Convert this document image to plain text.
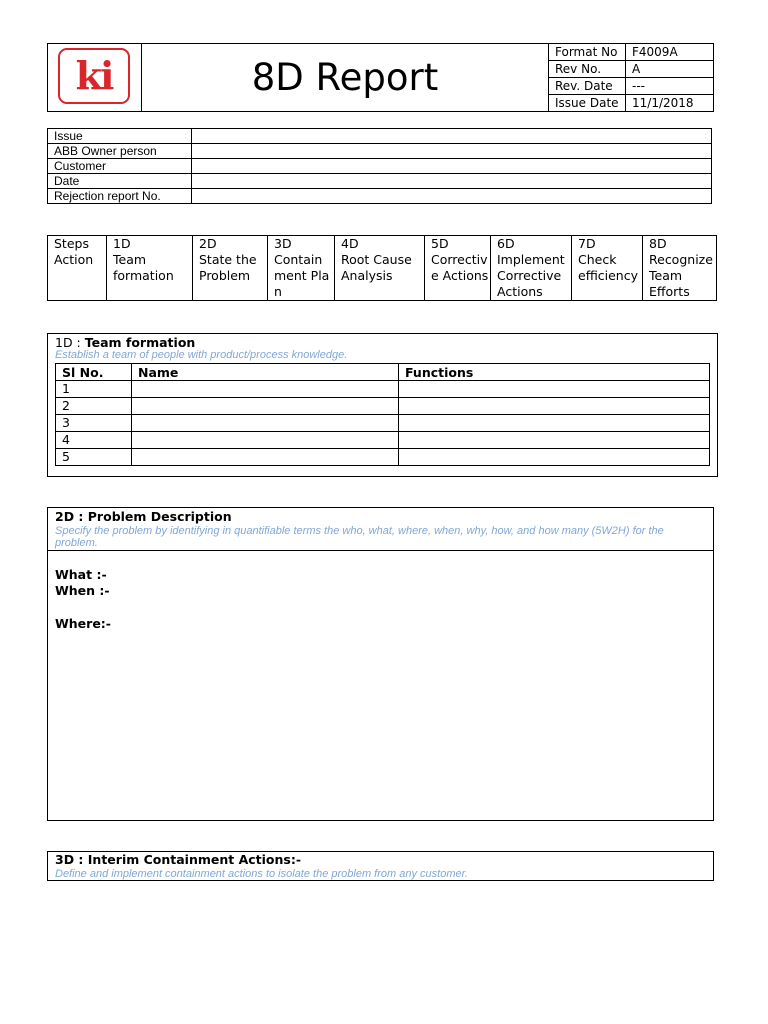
ki	8D Report
Format No	F4009A
Rev No.	A
Rev. Date	---
Issue Date	11/1/2018
Issue	
ABB Owner person	
Customer	
Date	
Rejection report No.	
Steps	1D	2D	3D	4D	5D	6D	7D	8D
Action	Team formation	State the Problem	Containment Plan	Root Cause Analysis	Corrective Actions	Implement Corrective Actions	Check efficiency	Recognize Team Efforts
1D : Team formation
Establish a team of people with product/process knowledge.
Sl No.	Name	Functions
1		
2		
3		
4		
5		
2D : Problem Description
Specify the problem by identifying in quantifiable terms the who, what, where, when, why, how, and how many (5W2H) for the problem.
What :-
When :-
Where:-
3D : Interim Containment Actions:-
Define and implement containment actions to isolate the problem from any customer.
